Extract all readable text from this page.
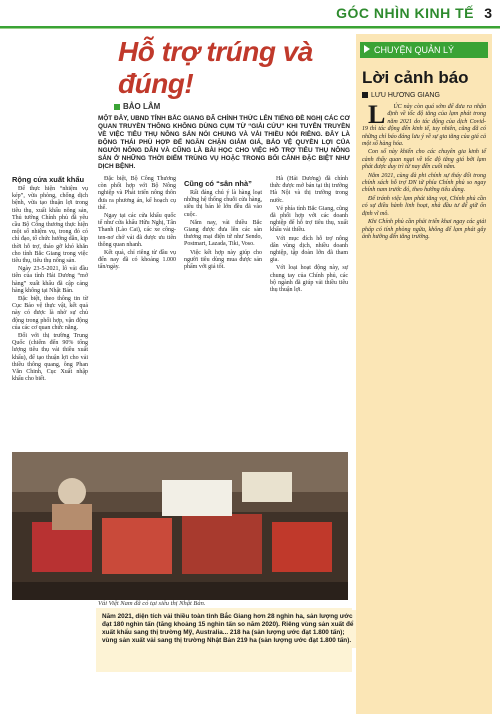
GÓC NHÌN KINH TẾ 3
Hỗ trợ trúng và đúng!
BẢO LÂM
MỘT ĐÂY, UBND TỈNH BẮC GIANG ĐÃ CHÍNH THỨC LÊN TIẾNG ĐỀ NGHỊ CÁC CƠ QUAN TRUYỀN THÔNG KHÔNG DÙNG CỤM TỪ “GIẢI CỨU” KHI TUYÊN TRUYỀN VỀ VIỆC TIÊU THỤ NÔNG SẢN NÓI CHUNG VÀ VẢI THIỀU NÓI RIÊNG. ĐÂY LÀ ĐỘNG THÁI PHÙ HỢP ĐỂ NGĂN CHẶN GIẢM GIÁ, BẢO VỆ QUYỀN LỢI CỦA NGƯỜI NÔNG DÂN VÀ CŨNG LÀ BÀI HỌC CHO VIỆC HỖ TRỢ TIÊU THỤ NÔNG SẢN Ở NHỮNG THỜI ĐIỂM TRÙNG VỤ HOẶC TRONG BỐI CẢNH ĐẶC BIỆT NHƯ DỊCH BỆNH.

Đặc biệt, Bộ Công Thương còn phối hợp với Bộ Nông nghiệp và Phát triển nông thôn đưa ra phương án, kế hoạch cụ thể.

Ngay tại các cửa khẩu quốc tế như cửa khẩu Hữu Nghị, Tân Thanh (Lào Cai), các xe công-ten-nơ chở vải đã được ưu tiên thông quan nhanh.

Kết quả, chỉ riêng từ đầu vụ đến nay đã có khoảng 1.000 tấn/ngày.

Cũng có “sân nhà”

Rất đáng chú ý là hàng loạt những hệ thống chuỗi cửa hàng, siêu thị bán lẻ lớn đều đã vào cuộc.

Năm nay, vải thiều Bắc Giang được đưa lên các sàn thương mại điện tử như Sendo, Postmart, Lazada, Tiki, Voso.

Việc kết hợp này giúp cho người tiêu dùng mua được sản phẩm với giá tốt.

Hà (Hải Dương) đã chính thức được mở bán tại thị trường Hà Nội và thị trường trong nước.

Vẻ phía tỉnh Bắc Giang, cũng đã phối hợp với các doanh nghiệp để hỗ trợ tiêu thụ, xuất khẩu vải thiều.

Với mục đích hỗ trợ nông dân vùng dịch, nhiều doanh nghiệp, tập đoàn lớn đã tham gia.

Với loại hoạt động này, sự chung tay của Chính phủ, các bộ ngành đã giúp vải thiều tiêu thụ thuận lợi.

Rộng cửa xuất khẩu

Để thực hiện “nhiệm vụ kép”, vừa phòng, chống dịch bệnh, vừa tạo thuận lợi trong tiêu thụ, xuất khẩu nông sản, Thủ tướng Chính phủ đã yêu cầu Bộ Công thương thực hiện một số nhiệm vụ, trong đó có chỉ đạo, tổ chức hướng dẫn, kịp thời hỗ trợ, tháo gỡ khó khăn cho tỉnh Bắc Giang trong việc tiêu thụ, tiêu thụ nông sản.

Ngày 23-5-2021, lô vải đầu tiên của tỉnh Hải Dương “mở hàng” xuất khẩu đã cập cảng hàng không tại Nhật Bản.

Đặc biệt, theo thông tin từ Cục Bảo vệ thực vật, kết quả này có được là nhờ sự chủ động trong phối hợp, vận động của các cơ quan chức năng.

Đối với thị trường Trung Quốc (chiếm đến 90% tổng lượng tiêu thụ vải thiều xuất khẩu), để tạo thuận lợi cho vải thiều thông quang, ông Phan Văn Chinh, Cục Xuất nhập khẩu cho biết.

Vải Việt Nam đã có tại siêu thị Nhật Bản.
Năm 2021, diện tích vải thiều toàn tỉnh Bắc Giang hơn 28 nghìn ha, sản lượng ước đạt 180 nghìn tấn (tăng khoảng 15 nghìn tấn so năm 2020). Riêng vùng sản xuất để xuất khẩu sang thị trường Mỹ, Australia... 218 ha (sản lượng ước đạt 1.800 tấn); vùng sản xuất vải sang thị trường Nhật Bản 219 ha (sản lượng ước đạt 1.800 tấn).
CHUYỆN QUẢN LÝ
Lời cảnh báo
LƯU HƯƠNG GIANG

L ÚC này còn quá sớm để đưa ra nhận định về tốc độ tăng của lạm phát trong năm 2021 do tác động của dịch Covid-19 thì tác động đến kinh tế, tuy nhiên, cũng đã có những chỉ báo đáng lưu ý về sự gia tăng của giá cả một số hàng hóa.

Con số này khiến cho các chuyên gia kinh tế cảnh thấy quan ngại về tốc độ tăng giá bởi lạm phát được duy trì từ nay đến cuối năm.

Năm 2021, cùng đà phi chính sự tháy đổi trong chính sách hỗ trợ DN từ phía Chính phủ so ngay chính nam trước đó, theo hướng tiêu dùng.

Để tránh việc lạm phát tăng vọt, Chính phủ cần có sự điều hành linh hoạt, nhà đầu tư để giữ ổn định vĩ mô.

Khi Chính phủ cần phải triển khai ngay các giải pháp có tính phòng ngừa, không để lạm phát gây ảnh hưởng đến tăng trưởng.
